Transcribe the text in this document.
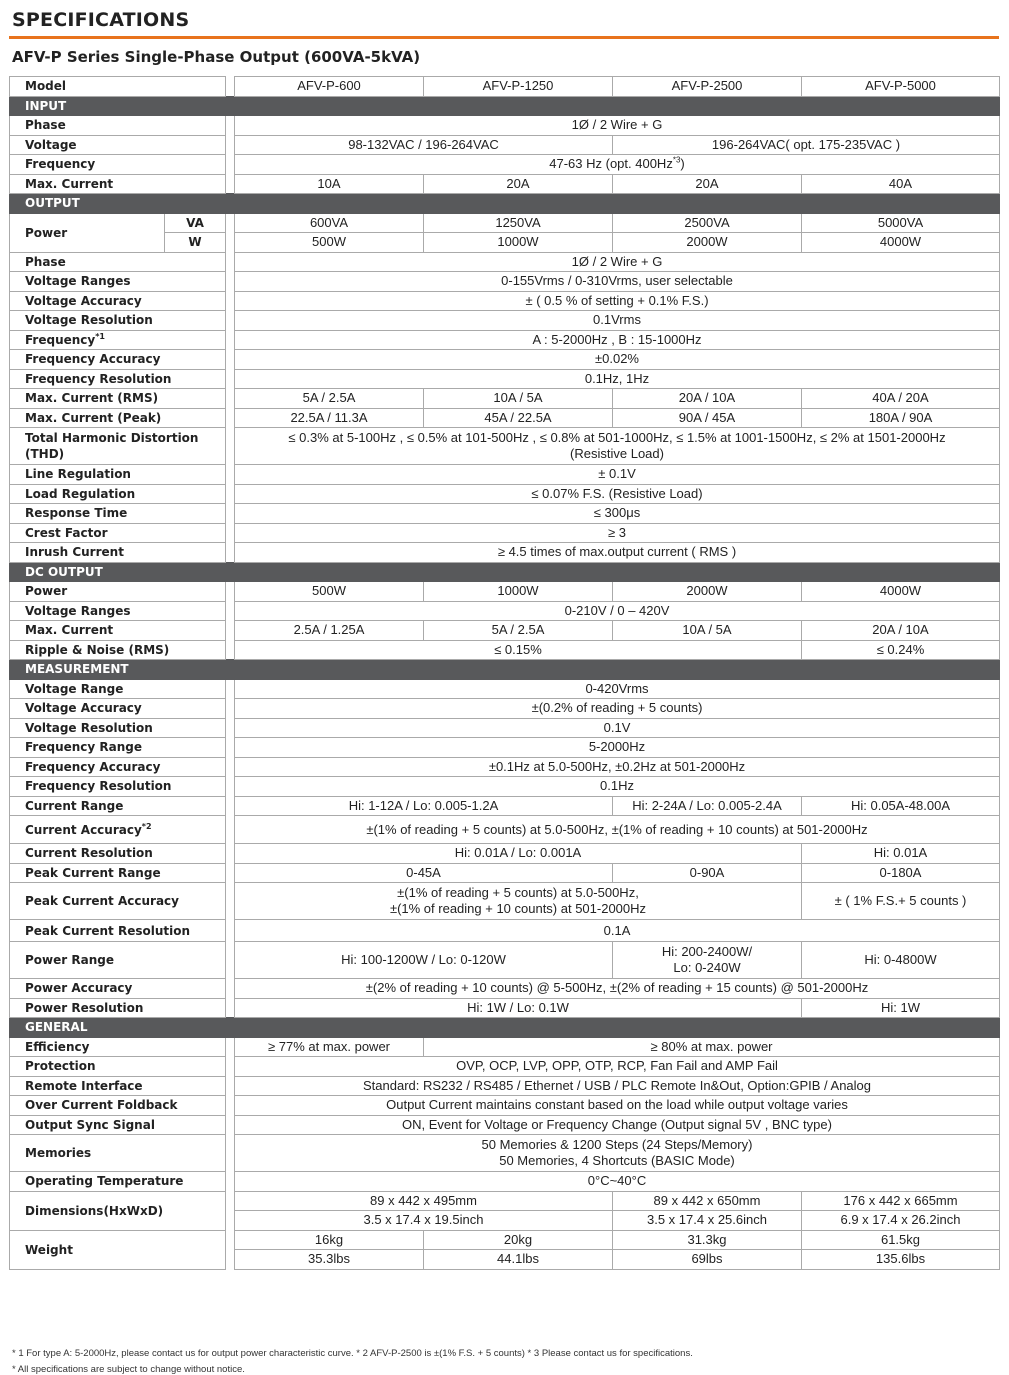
SPECIFICATIONS
AFV-P Series Single-Phase Output (600VA-5kVA)
Model			AFV-P-600	AFV-P-1250	AFV-P-2500	AFV-P-5000
INPUT						
Phase			1Ø / 2 Wire + G			
Voltage			98-132VAC / 196-264VAC		196-264VAC( opt. 175-235VAC )	
Frequency			47-63 Hz (opt. 400Hz$^{*3}$)			
Max. Current			10A	20A	20A	40A
OUTPUT						
Power	VA		600VA	1250VA	2500VA	5000VA
	W		500W	1000W	2000W	4000W
Phase			1Ø / 2 Wire + G			
Voltage Ranges			0-155Vrms / 0-310Vrms, user selectable			
Voltage Accuracy			± ( 0.5 % of setting + 0.1% F.S.)			
Voltage Resolution			0.1Vrms			
Frequency$^{*1}$			A : 5-2000Hz , B : 15-1000Hz			
Frequency Accuracy			±0.02%			
Frequency Resolution			0.1Hz, 1Hz			
Max. Current (RMS)			5A / 2.5A	10A / 5A	20A / 10A	40A / 20A
Max. Current (Peak)			22.5A / 11.3A	45A / 22.5A	90A / 45A	180A / 90A
Total Harmonic Distortion (THD)			≤ 0.3% at 5-100Hz , ≤ 0.5% at 101-500Hz , ≤ 0.8% at 501-1000Hz, ≤ 1.5% at 1001-1500Hz, ≤ 2% at 1501-2000Hz
(Resistive Load)			
Line Regulation			± 0.1V			
Load Regulation			≤ 0.07% F.S. (Resistive Load)			
Response Time			≤ 300μs			
Crest Factor			≥ 3			
Inrush Current			≥ 4.5 times of max.output current ( RMS )			
DC OUTPUT						
Power			500W	1000W	2000W	4000W
Voltage Ranges			0-210V / 0 – 420V			
Max. Current			2.5A / 1.25A	5A / 2.5A	10A / 5A	20A / 10A
Ripple & Noise (RMS)			≤ 0.15%			≤ 0.24%
MEASUREMENT						
Voltage Range			0-420Vrms			
Voltage Accuracy			±(0.2% of reading + 5 counts)			
Voltage Resolution			0.1V			
Frequency Range			5-2000Hz			
Frequency Accuracy			±0.1Hz at 5.0-500Hz, ±0.2Hz at 501-2000Hz			
Frequency Resolution			0.1Hz			
Current Range			Hi: 1-12A / Lo: 0.005-1.2A		Hi: 2-24A / Lo: 0.005-2.4A	Hi: 0.05A-48.00A
Current Accuracy$^{*2}$			±(1% of reading + 5 counts) at 5.0-500Hz, ±(1% of reading + 10 counts) at 501-2000Hz			
Current Resolution			Hi: 0.01A / Lo: 0.001A			Hi: 0.01A
Peak Current Range			0-45A		0-90A	0-180A
Peak Current Accuracy			±(1% of reading + 5 counts) at 5.0-500Hz,
±(1% of reading + 10 counts) at 501-2000Hz			± ( 1% F.S.+ 5 counts )
Peak Current Resolution			0.1A			
Power Range			Hi: 100-1200W / Lo: 0-120W		Hi: 200-2400W/
Lo: 0-240W	Hi: 0-4800W
Power Accuracy			±(2% of reading + 10 counts) @ 5-500Hz, ±(2% of reading + 15 counts) @ 501-2000Hz			
Power Resolution			Hi: 1W / Lo: 0.1W			Hi: 1W
GENERAL						
Efficiency			≥ 77% at max. power	≥ 80% at max. power		
Protection			OVP, OCP, LVP, OPP, OTP, RCP, Fan Fail and AMP Fail			
Remote Interface			Standard: RS232 / RS485 / Ethernet / USB / PLC Remote In&Out, Option:GPIB / Analog			
Over Current Foldback			Output Current maintains constant based on the load while output voltage varies			
Output Sync Signal			ON, Event for Voltage or Frequency Change (Output signal 5V , BNC type)			
Memories			50 Memories & 1200 Steps (24 Steps/Memory)
50 Memories, 4 Shortcuts (BASIC Mode)			
Operating Temperature			0°C~40°C			
Dimensions(HxWxD)			89 x 442 x 495mm		89 x 442 x 650mm	176 x 442 x 665mm
			3.5 x 17.4 x 19.5inch		3.5 x 17.4 x 25.6inch	6.9 x 17.4 x 26.2inch
Weight			16kg	20kg	31.3kg	61.5kg
			35.3lbs	44.1lbs	69lbs	135.6lbs
* 1 For type A: 5-2000Hz, please contact us for output power characteristic curve. * 2 AFV-P-2500 is ±(1% F.S. + 5 counts) * 3 Please contact us for specifications.
* All specifications are subject to change without notice.
